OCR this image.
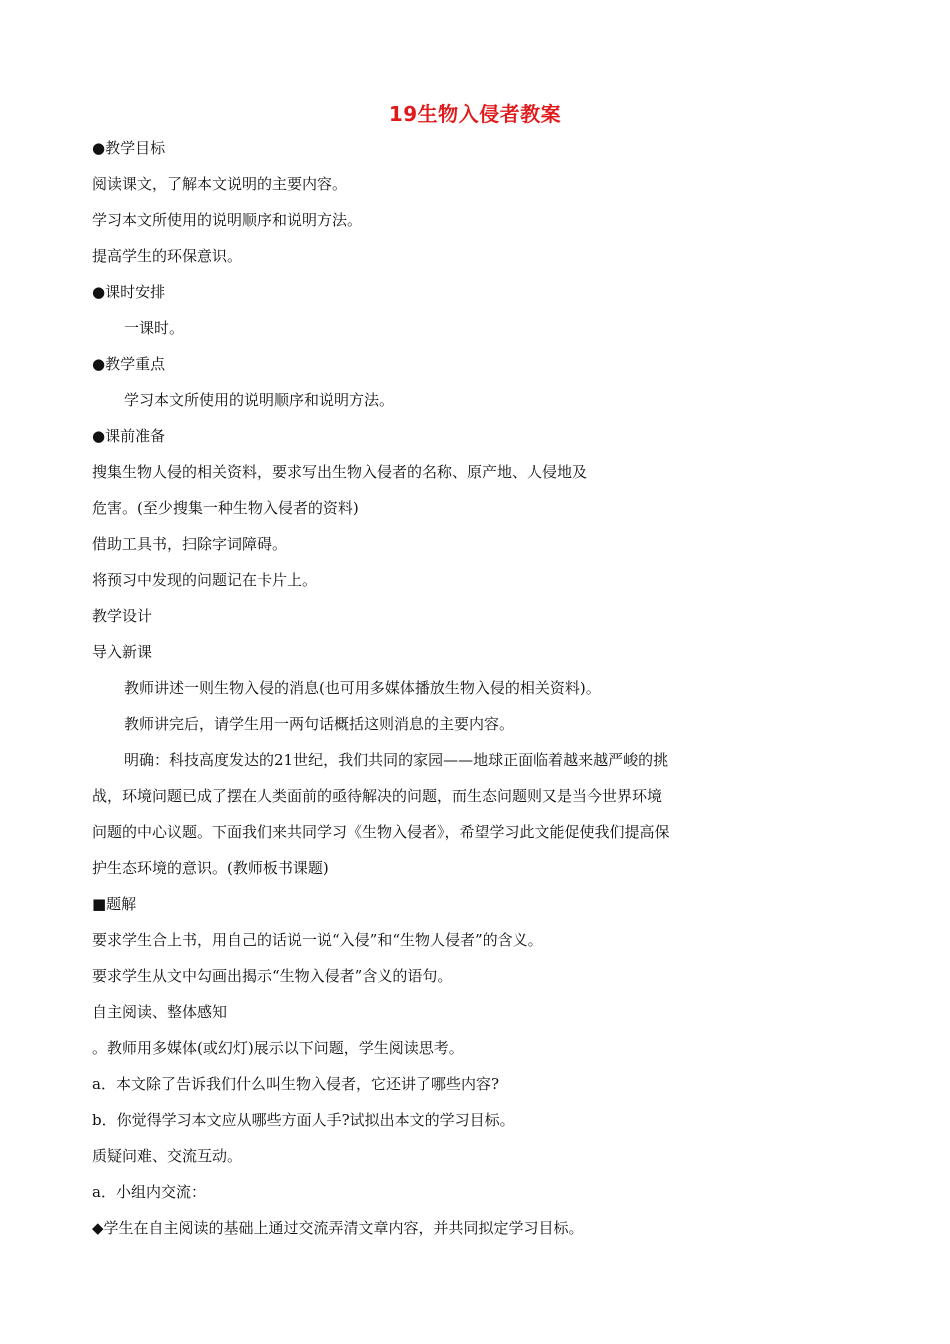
19生物入侵者教案
●教学目标
阅读课文，了解本文说明的主要内容。
学习本文所使用的说明顺序和说明方法。
提高学生的环保意识。
●课时安排
一课时。
●教学重点
学习本文所使用的说明顺序和说明方法。
●课前准备
搜集生物人侵的相关资料，要求写出生物入侵者的名称、原产地、人侵地及
危害。(至少搜集一种生物入侵者的资料)
借助工具书，扫除字词障碍。
将预习中发现的问题记在卡片上。
教学设计
导入新课
教师讲述一则生物入侵的消息(也可用多媒体播放生物入侵的相关资料)。
教师讲完后，请学生用一两句话概括这则消息的主要内容。
明确：科技高度发达的21世纪，我们共同的家园——地球正面临着越来越严峻的挑
战，环境问题已成了摆在人类面前的亟待解决的问题，而生态问题则又是当今世界环境
问题的中心议题。下面我们来共同学习《生物入侵者》，希望学习此文能促使我们提高保
护生态环境的意识。(教师板书课题)
■题解
要求学生合上书，用自己的话说一说“入侵”和“生物人侵者”的含义。
要求学生从文中勾画出揭示“生物入侵者”含义的语句。
自主阅读、整体感知
。教师用多媒体(或幻灯)展示以下问题，学生阅读思考。
a．本文除了告诉我们什么叫生物入侵者，它还讲了哪些内容?
b．你觉得学习本文应从哪些方面人手?试拟出本文的学习目标。
质疑问难、交流互动。
a．小组内交流：
◆学生在自主阅读的基础上通过交流弄清文章内容，并共同拟定学习目标。
